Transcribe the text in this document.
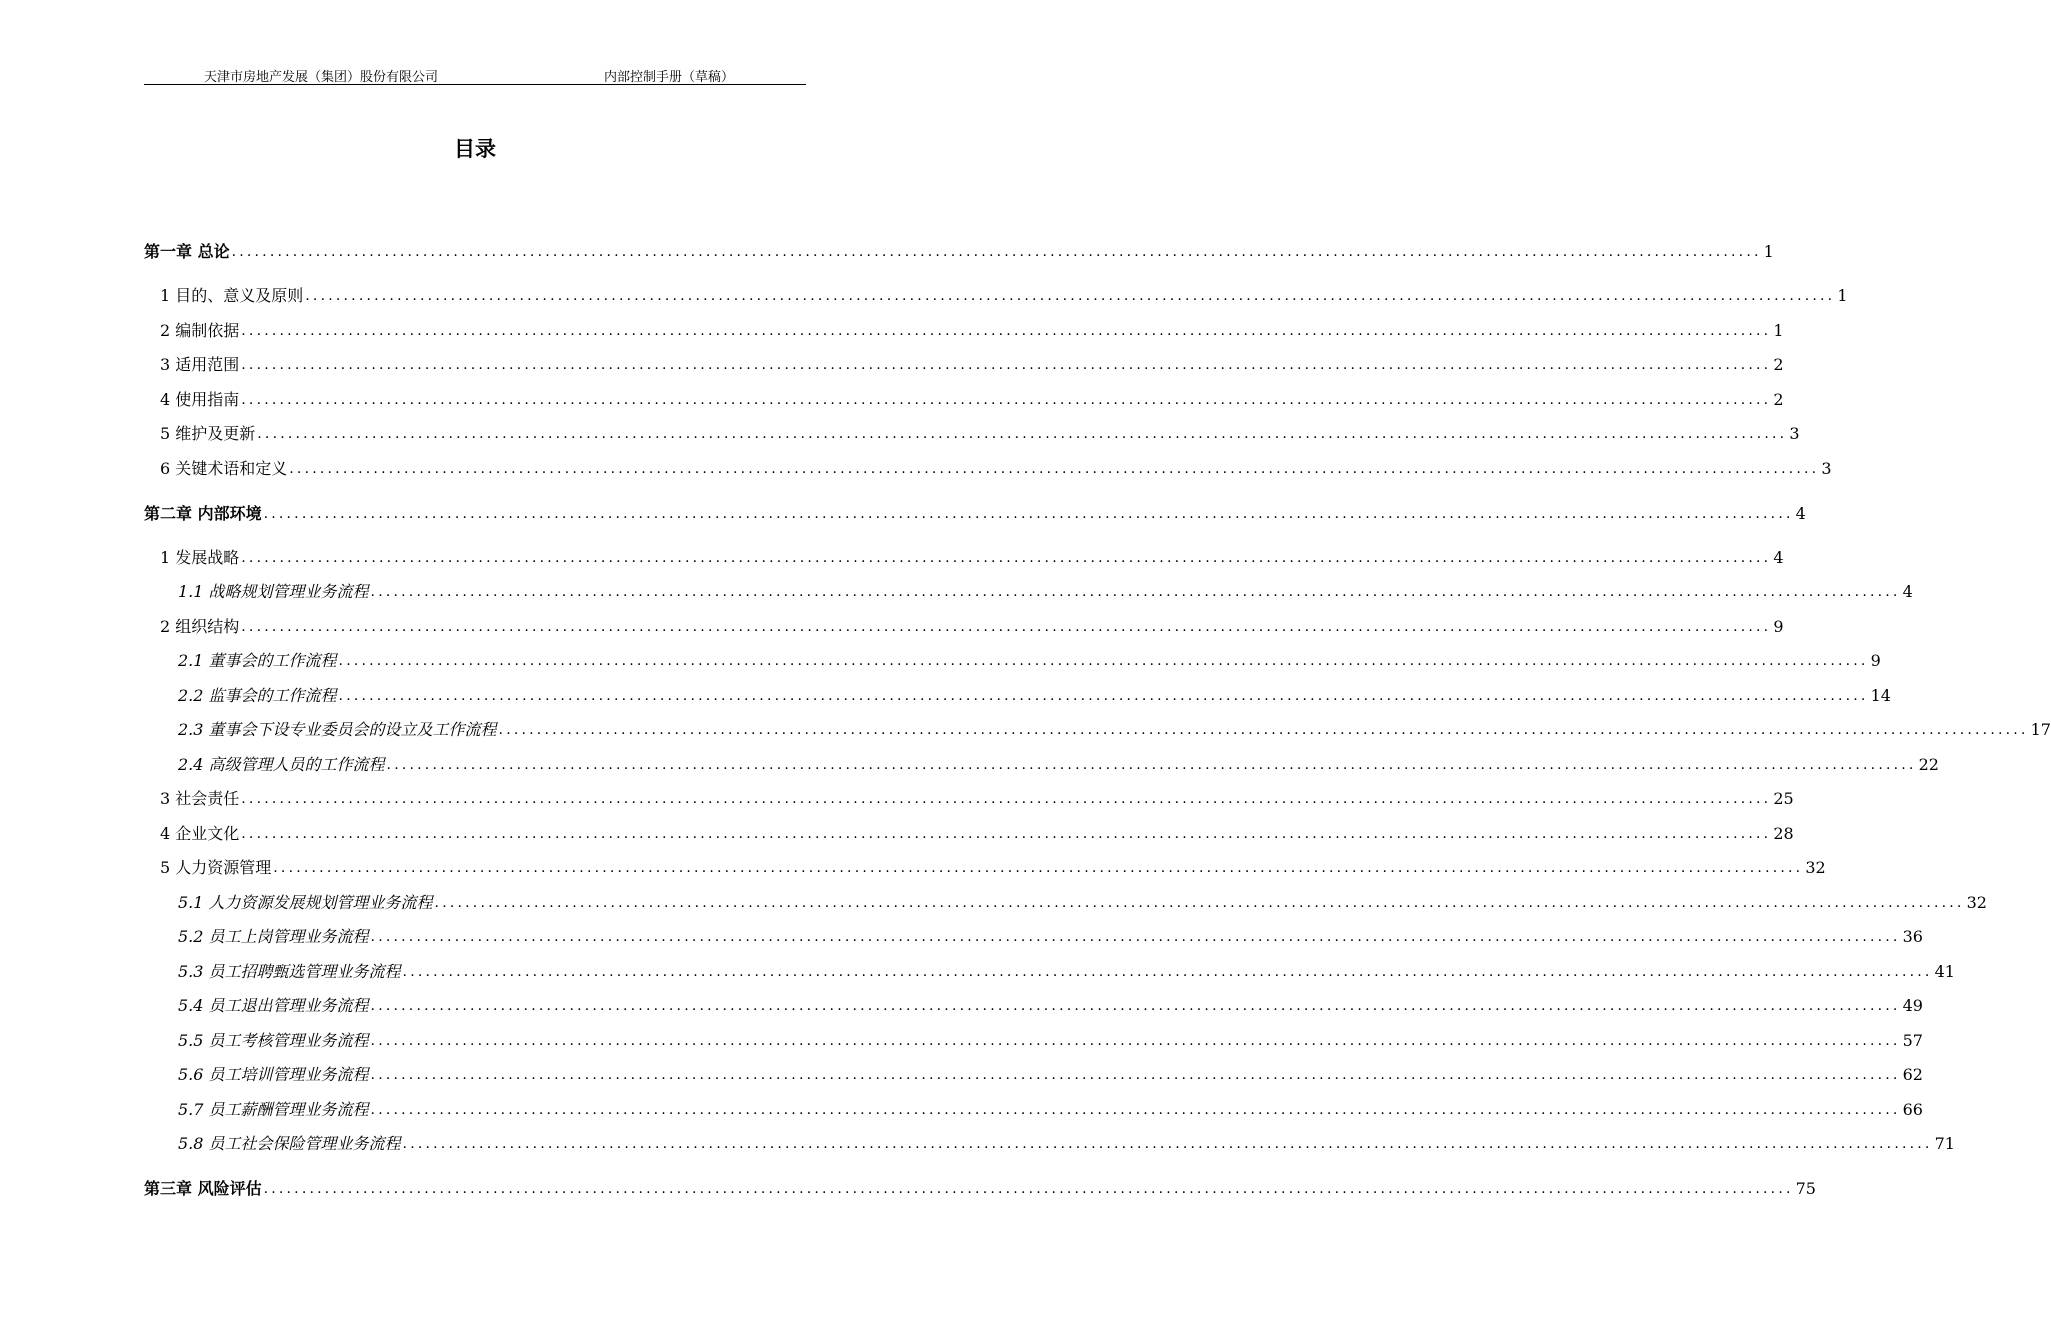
天津市房地产发展（集团）股份有限公司	内部控制手册（草稿）
目录
第一章 总论 ........................................................................................................................................................................................................ 1
1 目的、意义及原则 ........................................................................................................................................................................................................ 1
2 编制依据 ........................................................................................................................................................................................................ 1
3 适用范围 ........................................................................................................................................................................................................ 2
4 使用指南 ........................................................................................................................................................................................................ 2
5 维护及更新 ........................................................................................................................................................................................................ 3
6 关键术语和定义 ........................................................................................................................................................................................................ 3
第二章 内部环境 ........................................................................................................................................................................................................ 4
1 发展战略 ........................................................................................................................................................................................................ 4
1.1 战略规划管理业务流程 ........................................................................................................................................................................................................ 4
2 组织结构 ........................................................................................................................................................................................................ 9
2.1 董事会的工作流程 ........................................................................................................................................................................................................ 9
2.2 监事会的工作流程 ........................................................................................................................................................................................................ 14
2.3 董事会下设专业委员会的设立及工作流程 ........................................................................................................................................................................................................ 17
2.4 高级管理人员的工作流程 ........................................................................................................................................................................................................ 22
3 社会责任 ........................................................................................................................................................................................................ 25
4 企业文化 ........................................................................................................................................................................................................ 28
5 人力资源管理 ........................................................................................................................................................................................................ 32
5.1 人力资源发展规划管理业务流程 ........................................................................................................................................................................................................ 32
5.2 员工上岗管理业务流程 ........................................................................................................................................................................................................ 36
5.3 员工招聘甄选管理业务流程 ........................................................................................................................................................................................................ 41
5.4 员工退出管理业务流程 ........................................................................................................................................................................................................ 49
5.5 员工考核管理业务流程 ........................................................................................................................................................................................................ 57
5.6 员工培训管理业务流程 ........................................................................................................................................................................................................ 62
5.7 员工薪酬管理业务流程 ........................................................................................................................................................................................................ 66
5.8 员工社会保险管理业务流程 ........................................................................................................................................................................................................ 71
第三章 风险评估 ........................................................................................................................................................................................................ 75
